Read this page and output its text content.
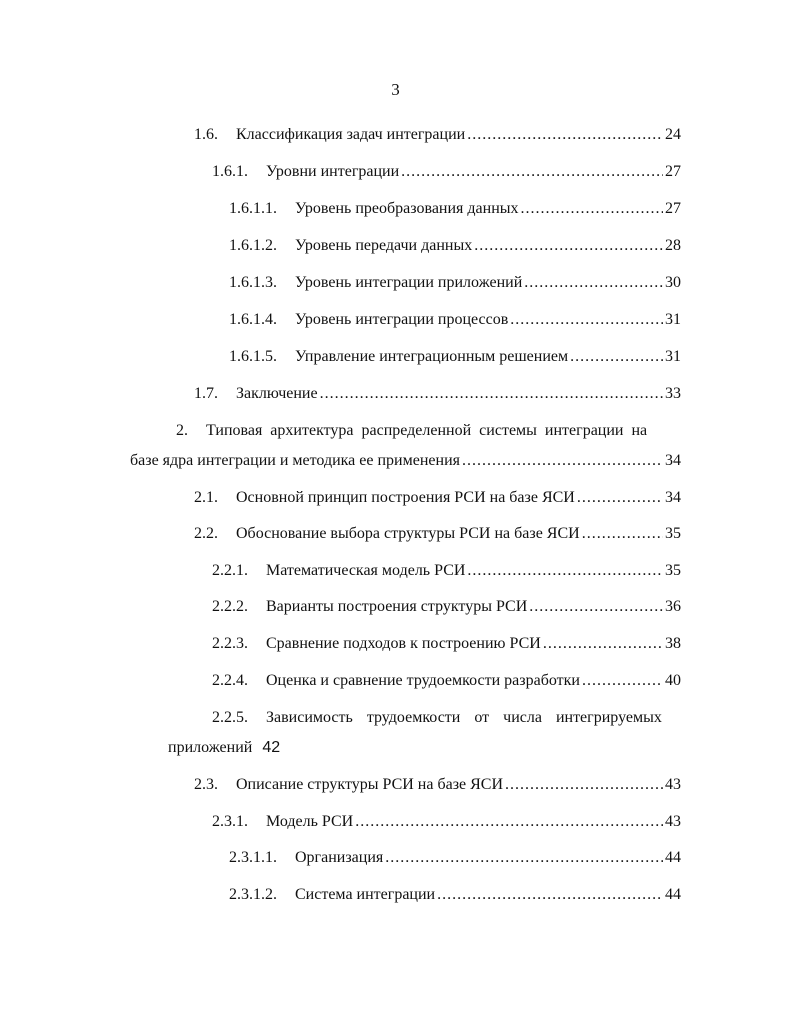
3
1.6. Классификация задач интеграции .....	24
1.6.1. Уровни интеграции .....	27
1.6.1.1. Уровень преобразования данных .....	27
1.6.1.2. Уровень передачи данных .....	28
1.6.1.3. Уровень интеграции приложений .....	30
1.6.1.4. Уровень интеграции процессов .....	31
1.6.1.5. Управление интеграционным решением .....	31
1.7. Заключение .....	33
2. Типовая архитектура распределенной системы интеграции на
базе ядра интеграции и методика ее применения .....	34
2.1. Основной принцип построения РСИ на базе ЯСИ .....	34
2.2. Обоснование выбора структуры РСИ на базе ЯСИ .....	35
2.2.1. Математическая модель РСИ .....	35
2.2.2. Варианты построения структуры РСИ .....	36
2.2.3. Сравнение подходов к построению РСИ .....	38
2.2.4. Оценка и сравнение трудоемкости разработки .....	40
2.2.5. Зависимость трудоемкости от числа интегрируемых
приложений 42
2.3. Описание структуры РСИ на базе ЯСИ .....	43
2.3.1. Модель РСИ .....	43
2.3.1.1. Организация .....	44
2.3.1.2. Система интеграции .....	44
